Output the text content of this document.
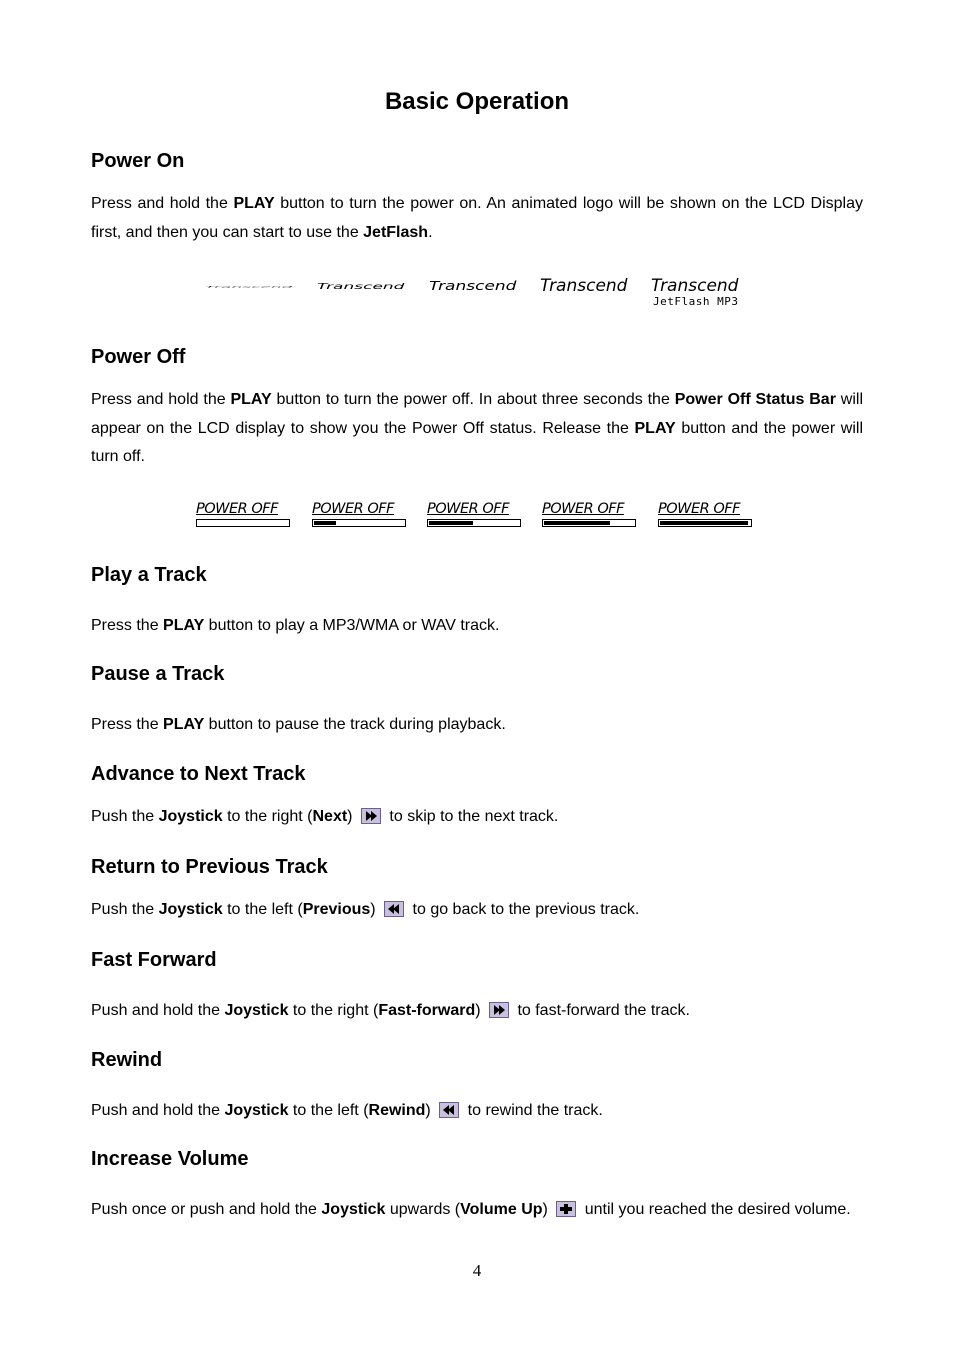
Basic Operation
Power On

Press and hold the PLAY button to turn the power on. An animated logo will be shown on the LCD Display first, and then you can start to use the JetFlash.

Transcend Transcend Transcend Transcend Transcend
JetFlash MP3
Power Off

Press and hold the PLAY button to turn the power off. In about three seconds the Power Off Status Bar will appear on the LCD display to show you the Power Off status. Release the PLAY button and the power will turn off.

POWER OFF	POWER OFF	POWER OFF	POWER OFF	POWER OFF
Play a Track

Press the PLAY button to play a MP3/WMA or WAV track.

Pause a Track

Press the PLAY button to pause the track during playback.

Advance to Next Track

Push the Joystick to the right (Next)
to skip to the next track.

Return to Previous Track

Push the Joystick to the left (Previous)
to go back to the previous track.

Fast Forward

Push and hold the Joystick to the right (Fast-forward)
to fast-forward the track.

Rewind

Push and hold the Joystick to the left (Rewind)
to rewind the track.

Increase Volume

Push once or push and hold the Joystick upwards (Volume Up)
until you reached the desired volume.

4
